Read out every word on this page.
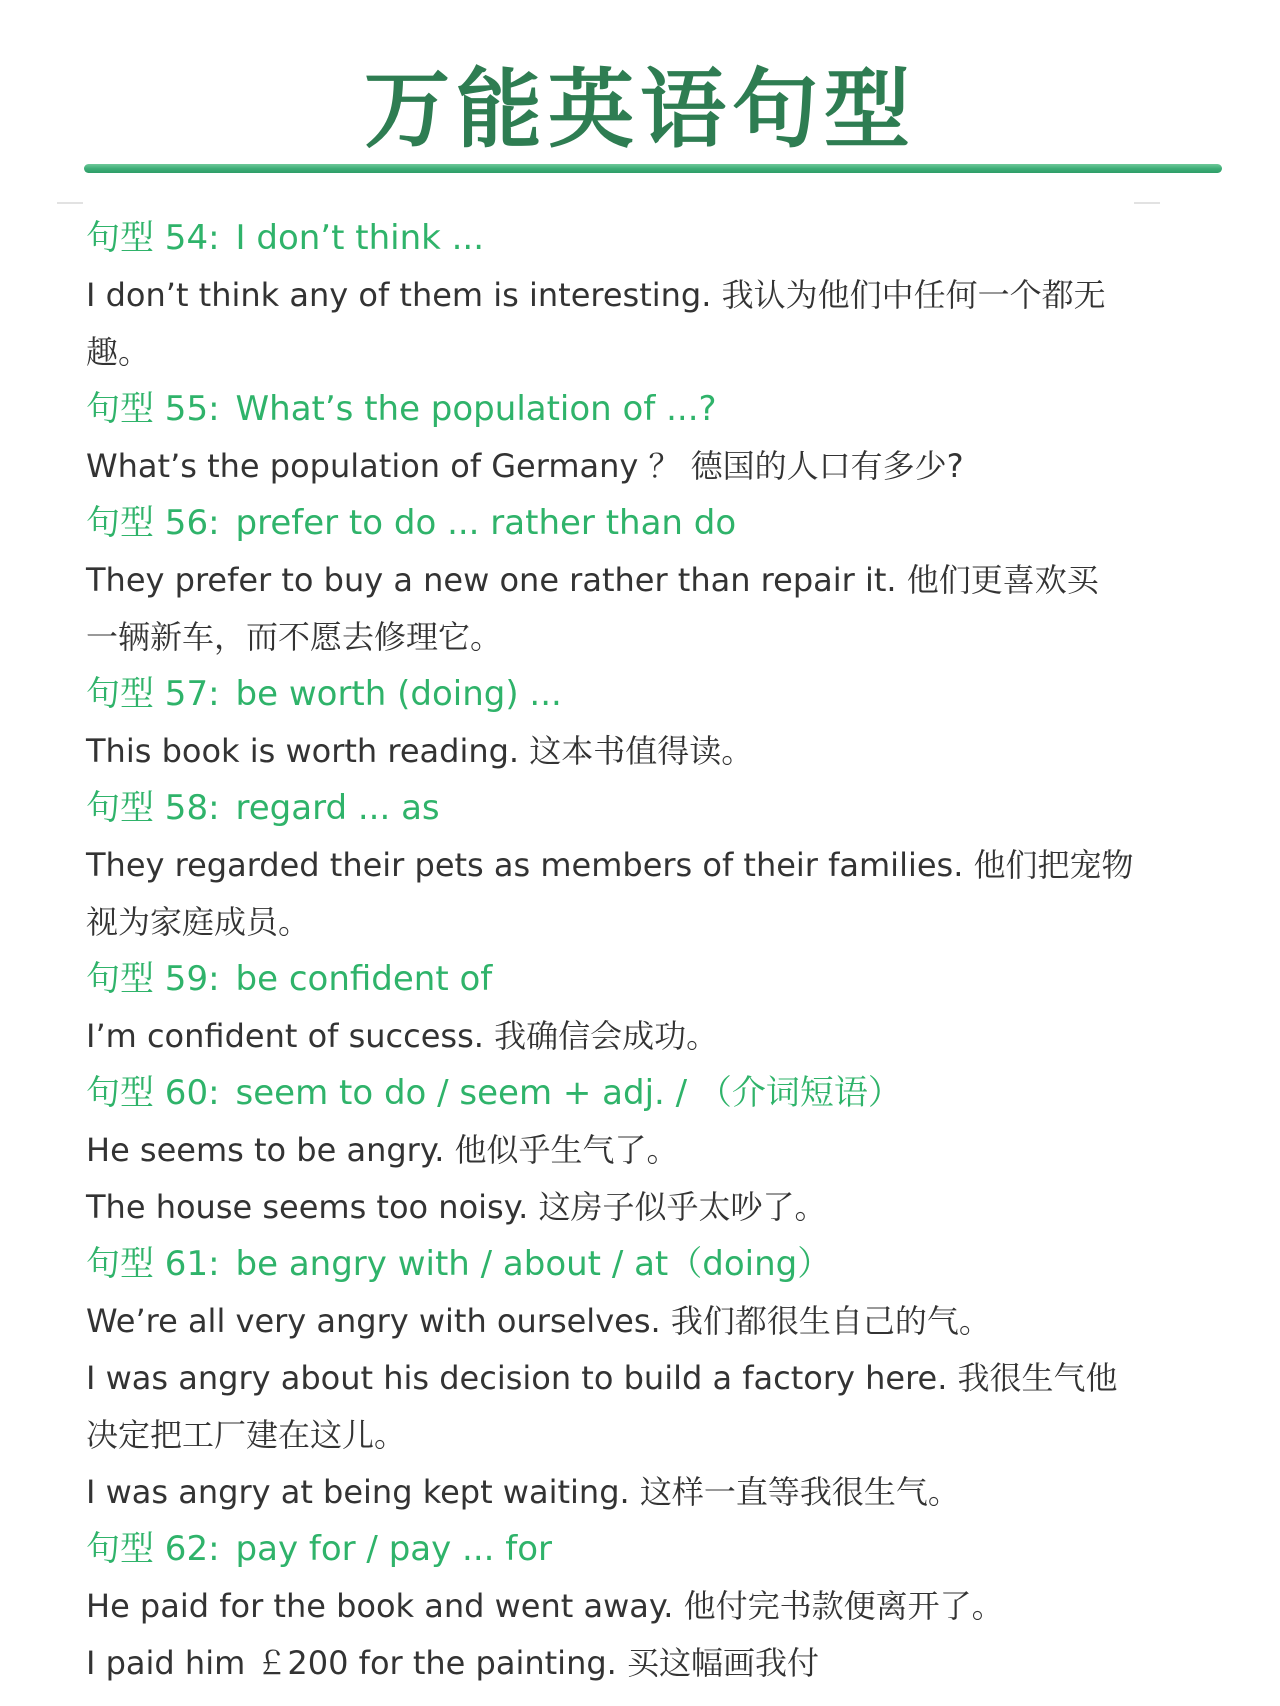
万能英语句型
句型 54: I don’t think ...
I don’t think any of them is interesting. 我认为他们中任何一个都无趣。
句型 55: What’s the population of ...?
What’s the population of Germany ？ 德国的人口有多少?
句型 56: prefer to do ... rather than do
They prefer to buy a new one rather than repair it. 他们更喜欢买一辆新车，而不愿去修理它。
句型 57: be worth (doing) ...
This book is worth reading. 这本书值得读。
句型 58: regard ... as
They regarded their pets as members of their families. 他们把宠物视为家庭成员。
句型 59: be confident of
I’m confident of success. 我确信会成功。
句型 60: seem to do / seem + adj. / （介词短语）
He seems to be angry. 他似乎生气了。
The house seems too noisy. 这房子似乎太吵了。
句型 61: be angry with / about / at（doing）
We’re all very angry with ourselves. 我们都很生自己的气。
I was angry about his decision to build a factory here. 我很生气他决定把工厂建在这儿。
I was angry at being kept waiting. 这样一直等我很生气。
句型 62: pay for / pay ... for
He paid for the book and went away. 他付完书款便离开了。
I paid him ￡200 for the painting. 买这幅画我付
